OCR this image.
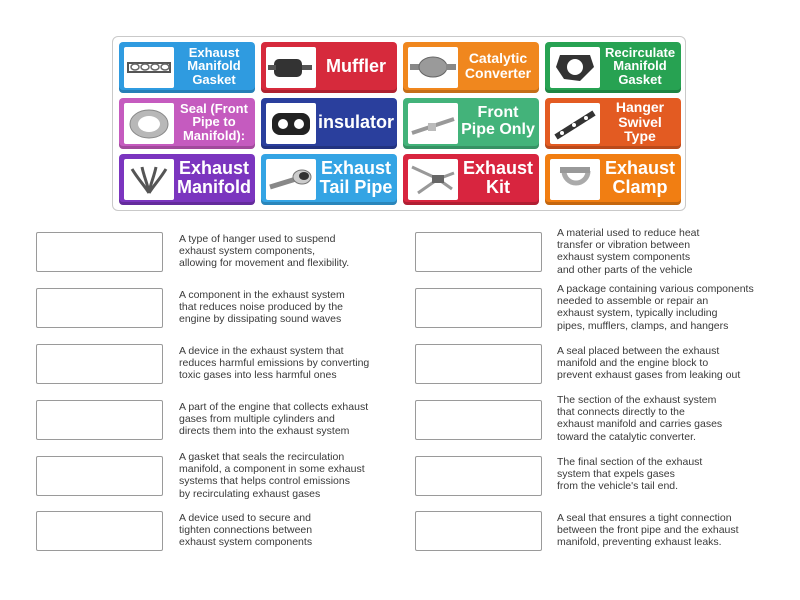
Exhaust
Manifold
Gasket
Muffler	Catalytic
Converter
Recirculate
Manifold
Gasket
Seal (Front
Pipe to
Manifold):
insulator	Front
Pipe Only
Hanger
Swivel Type
Exhaust
Manifold
Exhaust
Tail Pipe
Exhaust
Kit
Exhaust
Clamp
A type of hanger used to suspend
exhaust system components,
allowing for movement and flexibility.
A component in the exhaust system
that reduces noise produced by the
engine by dissipating sound waves
A device in the exhaust system that
reduces harmful emissions by converting
toxic gases into less harmful ones
A part of the engine that collects exhaust
gases from multiple cylinders and
directs them into the exhaust system
A gasket that seals the recirculation
manifold, a component in some exhaust
systems that helps control emissions
by recirculating exhaust gases
A device used to secure and
tighten connections between
exhaust system components
A material used to reduce heat
transfer or vibration between
exhaust system components
and other parts of the vehicle
A package containing various components
needed to assemble or repair an
exhaust system, typically including
pipes, mufflers, clamps, and hangers
A seal placed between the exhaust
manifold and the engine block to
prevent exhaust gases from leaking out
The section of the exhaust system
that connects directly to the
exhaust manifold and carries gases
toward the catalytic converter.
The final section of the exhaust
system that expels gases
from the vehicle's tail end.
A seal that ensures a tight connection
between the front pipe and the exhaust
manifold, preventing exhaust leaks.
